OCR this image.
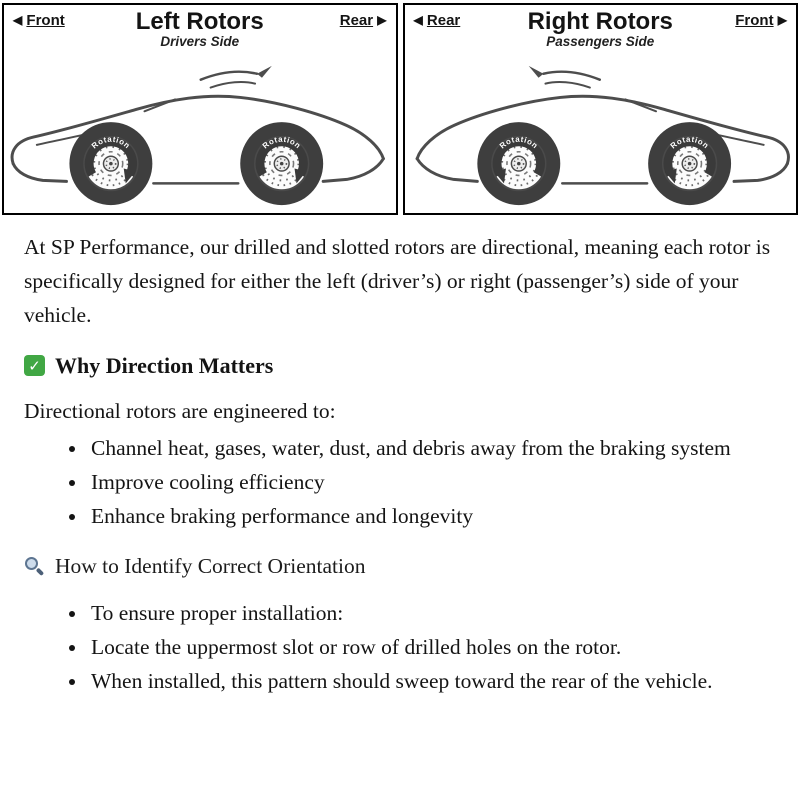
◀ Front	Left Rotors
Drivers Side
Rear ▶
Rotation	Rotation
◀ Rear	Right Rotors
Passengers Side
Front ▶
Rotation	Rotation

At SP Performance, our drilled and slotted rotors are directional, meaning each rotor is specifically designed for either the left (driver’s) or right (passenger’s) side of your vehicle.

✓ Why Direction Matters

Directional rotors are engineered to:

• Channel heat, gases, water, dust, and debris away from the braking system
• Improve cooling efficiency
• Enhance braking performance and longevity
How to Identify Correct Orientation
• To ensure proper installation:
• Locate the uppermost slot or row of drilled holes on the rotor.
• When installed, this pattern should sweep toward the rear of the vehicle.
